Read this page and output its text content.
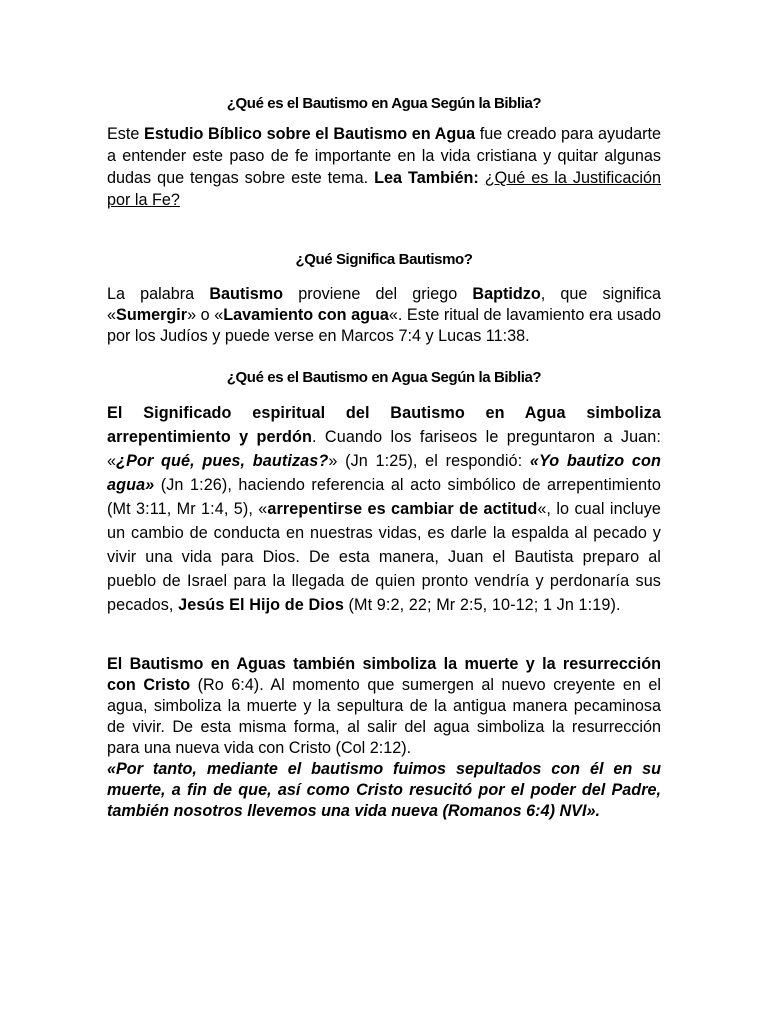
¿Qué es el Bautismo en Agua Según la Biblia?

Este Estudio Bíblico sobre el Bautismo en Agua fue creado para ayudarte a entender este paso de fe importante en la vida cristiana y quitar algunas dudas que tengas sobre este tema. Lea También: ¿Qué es la Justificación por la Fe?

¿Qué Significa Bautismo?

La palabra Bautismo proviene del griego Baptidzo, que significa «Sumergir» o «Lavamiento con agua«. Este ritual de lavamiento era usado por los Judíos y puede verse en Marcos 7:4 y Lucas 11:38.

¿Qué es el Bautismo en Agua Según la Biblia?

El Significado espiritual del Bautismo en Agua simboliza arrepentimiento y perdón. Cuando los fariseos le preguntaron a Juan: «¿Por qué, pues, bautizas?» (Jn 1:25), el respondió: «Yo bautizo con agua» (Jn 1:26), haciendo referencia al acto simbólico de arrepentimiento (Mt 3:11, Mr 1:4, 5), «arrepentirse es cambiar de actitud«, lo cual incluye un cambio de conducta en nuestras vidas, es darle la espalda al pecado y vivir una vida para Dios. De esta manera, Juan el Bautista preparo al pueblo de Israel para la llegada de quien pronto vendría y perdonaría sus pecados, Jesús El Hijo de Dios (Mt 9:2, 22; Mr 2:5, 10-12; 1 Jn 1:19).

El Bautismo en Aguas también simboliza la muerte y la resurrección con Cristo (Ro 6:4). Al momento que sumergen al nuevo creyente en el agua, simboliza la muerte y la sepultura de la antigua manera pecaminosa de vivir. De esta misma forma, al salir del agua simboliza la resurrección para una nueva vida con Cristo (Col 2:12).
«Por tanto, mediante el bautismo fuimos sepultados con él en su muerte, a fin de que, así como Cristo resucitó por el poder del Padre, también nosotros llevemos una vida nueva (Romanos 6:4) NVI».
